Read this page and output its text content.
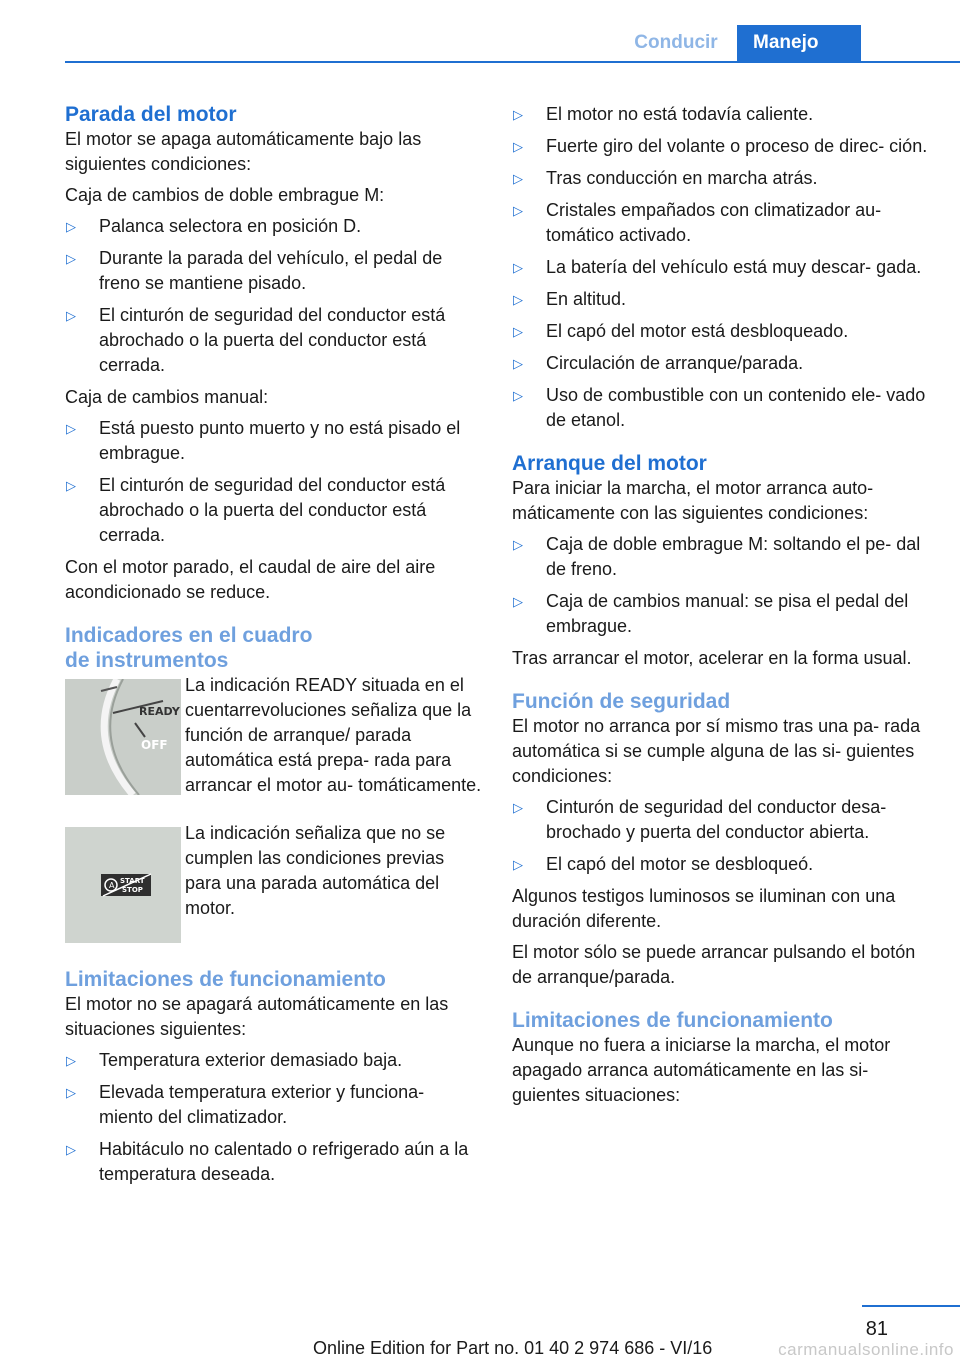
Conducir	Manejo
Parada del motor

El motor se apaga automáticamente bajo las siguientes condiciones:

Caja de cambios de doble embrague M:

▷ Palanca selectora en posición D.
▷ Durante la parada del vehículo, el pedal de freno se mantiene pisado.
▷ El cinturón de seguridad del conductor está abrochado o la puerta del conductor está cerrada.

Caja de cambios manual:

▷ Está puesto punto muerto y no está pisado el embrague.
▷ El cinturón de seguridad del conductor está abrochado o la puerta del conductor está cerrada.

Con el motor parado, el caudal de aire del aire acondicionado se reduce.

Indicadores en el cuadro
de instrumentos
READY
OFF

La indicación READY situada en el cuentarrevoluciones señaliza que la función de arranque/ parada automática está prepa- rada para arrancar el motor au- tomáticamente.

A START
STOP

La indicación señaliza que no se cumplen las condiciones previas para una parada automática del motor.

Limitaciones de funcionamiento

El motor no se apagará automáticamente en las situaciones siguientes:

▷ Temperatura exterior demasiado baja.
▷ Elevada temperatura exterior y funciona- miento del climatizador.
▷ Habitáculo no calentado o refrigerado aún a la temperatura deseada.
▷ El motor no está todavía caliente.
▷ Fuerte giro del volante o proceso de direc- ción.
▷ Tras conducción en marcha atrás.
▷ Cristales empañados con climatizador au- tomático activado.
▷ La batería del vehículo está muy descar- gada.
▷ En altitud.
▷ El capó del motor está desbloqueado.
▷ Circulación de arranque/parada.
▷ Uso de combustible con un contenido ele- vado de etanol.
Arranque del motor

Para iniciar la marcha, el motor arranca auto- máticamente con las siguientes condiciones:

▷ Caja de doble embrague M: soltando el pe- dal de freno.
▷ Caja de cambios manual: se pisa el pedal del embrague.

Tras arrancar el motor, acelerar en la forma usual.

Función de seguridad

El motor no arranca por sí mismo tras una pa- rada automática si se cumple alguna de las si- guientes condiciones:

▷ Cinturón de seguridad del conductor desa- brochado y puerta del conductor abierta.
▷ El capó del motor se desbloqueó.

Algunos testigos luminosos se iluminan con una duración diferente.

El motor sólo se puede arrancar pulsando el botón de arranque/parada.

Limitaciones de funcionamiento

Aunque no fuera a iniciarse la marcha, el motor apagado arranca automáticamente en las si- guientes situaciones:

81
Online Edition for Part no. 01 40 2 974 686 - VI/16	carmanualsonline.info
